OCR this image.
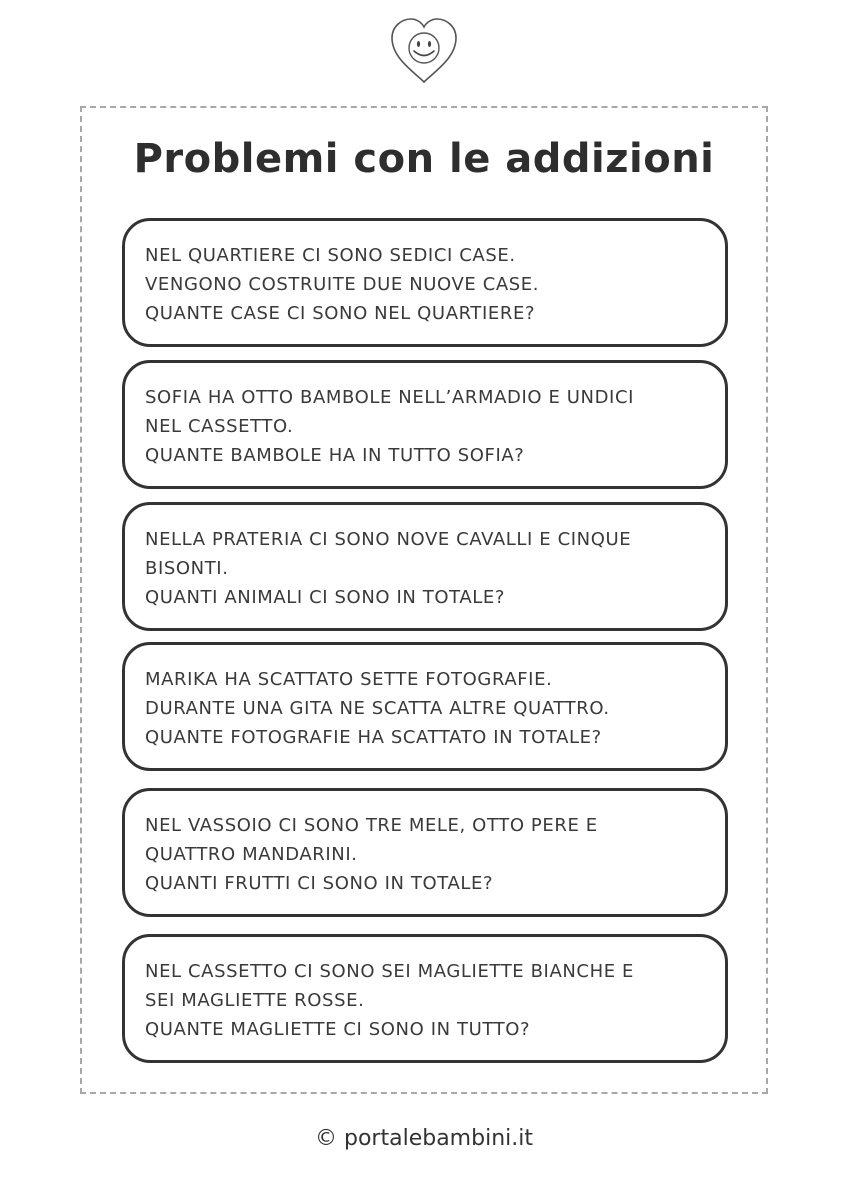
Problemi con le addizioni
NEL QUARTIERE CI SONO SEDICI CASE.
VENGONO COSTRUITE DUE NUOVE CASE.
QUANTE CASE CI SONO NEL QUARTIERE?
SOFIA HA OTTO BAMBOLE NELL’ARMADIO E UNDICI
NEL CASSETTO.
QUANTE BAMBOLE HA IN TUTTO SOFIA?
NELLA PRATERIA CI SONO NOVE CAVALLI E CINQUE
BISONTI.
QUANTI ANIMALI CI SONO IN TOTALE?
MARIKA HA SCATTATO SETTE FOTOGRAFIE.
DURANTE UNA GITA NE SCATTA ALTRE QUATTRO.
QUANTE FOTOGRAFIE HA SCATTATO IN TOTALE?
NEL VASSOIO CI SONO TRE MELE, OTTO PERE E
QUATTRO MANDARINI.
QUANTI FRUTTI CI SONO IN TOTALE?
NEL CASSETTO CI SONO SEI MAGLIETTE BIANCHE E
SEI MAGLIETTE ROSSE.
QUANTE MAGLIETTE CI SONO IN TUTTO?
© portalebambini.it
